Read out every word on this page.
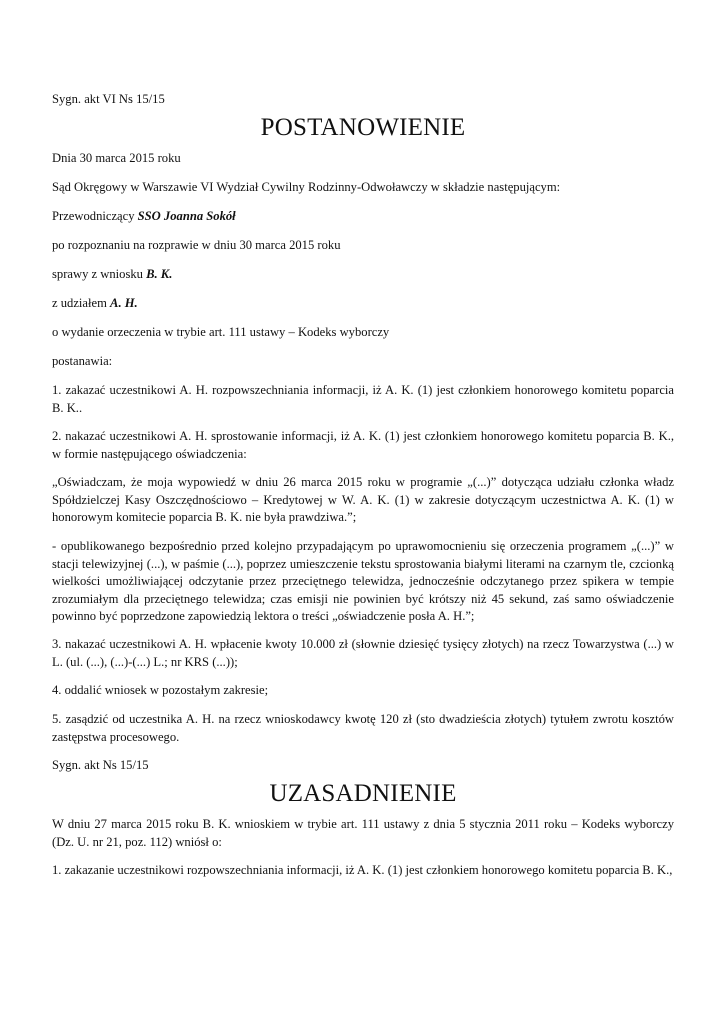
Sygn. akt VI Ns 15/15

POSTANOWIENIE

Dnia 30 marca 2015 roku

Sąd Okręgowy w Warszawie VI Wydział Cywilny Rodzinny-Odwoławczy w składzie następującym:

Przewodniczący SSO Joanna Sokół

po rozpoznaniu na rozprawie w dniu 30 marca 2015 roku

sprawy z wniosku B. K.

z udziałem A. H.

o wydanie orzeczenia w trybie art. 111 ustawy – Kodeks wyborczy

postanawia:

1. zakazać uczestnikowi A. H. rozpowszechniania informacji, iż A. K. (1) jest członkiem honorowego komitetu poparcia B. K..

2. nakazać uczestnikowi A. H. sprostowanie informacji, iż A. K. (1) jest członkiem honorowego komitetu poparcia B. K., w formie następującego oświadczenia:

„Oświadczam, że moja wypowiedź w dniu 26 marca 2015 roku w programie „(...)” dotycząca udziału członka władz Spółdzielczej Kasy Oszczędnościowo – Kredytowej w W. A. K. (1) w zakresie dotyczącym uczestnictwa A. K. (1) w honorowym komitecie poparcia B. K. nie była prawdziwa.”;

- opublikowanego bezpośrednio przed kolejno przypadającym po uprawomocnieniu się orzeczenia programem „(...)” w stacji telewizyjnej (...), w paśmie (...), poprzez umieszczenie tekstu sprostowania białymi literami na czarnym tle, czcionką wielkości umożliwiającej odczytanie przez przeciętnego telewidza, jednocześnie odczytanego przez spikera w tempie zrozumiałym dla przeciętnego telewidza; czas emisji nie powinien być krótszy niż 45 sekund, zaś samo oświadczenie powinno być poprzedzone zapowiedzią lektora o treści „oświadczenie posła A. H.”;

3. nakazać uczestnikowi A. H. wpłacenie kwoty 10.000 zł (słownie dziesięć tysięcy złotych) na rzecz Towarzystwa (...) w L. (ul. (...), (...)-(...) L.; nr KRS (...));

4. oddalić wniosek w pozostałym zakresie;

5. zasądzić od uczestnika A. H. na rzecz wnioskodawcy kwotę 120 zł (sto dwadzieścia złotych) tytułem zwrotu kosztów zastępstwa procesowego.

Sygn. akt Ns 15/15

UZASADNIENIE

W dniu 27 marca 2015 roku B. K. wnioskiem w trybie art. 111 ustawy z dnia 5 stycznia 2011 roku – Kodeks wyborczy (Dz. U. nr 21, poz. 112) wniósł o:

1. zakazanie uczestnikowi rozpowszechniania informacji, iż A. K. (1) jest członkiem honorowego komitetu poparcia B. K.,
